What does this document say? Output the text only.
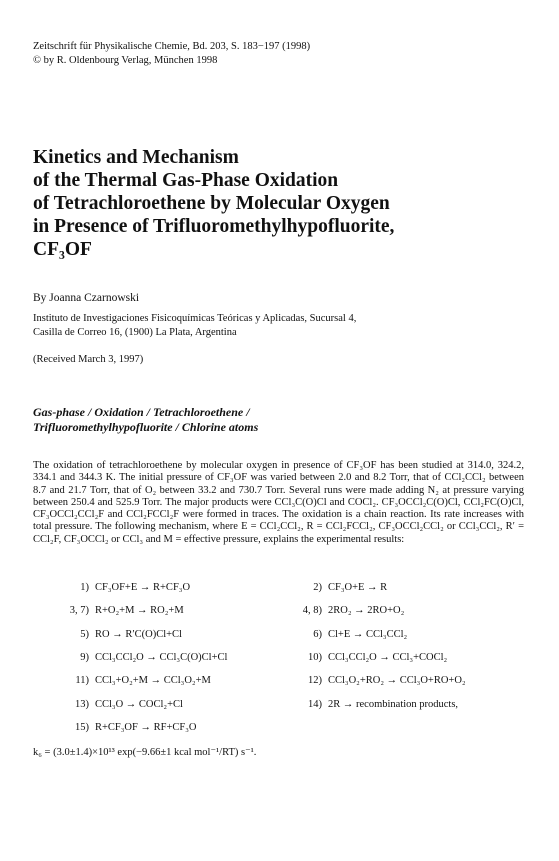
Zeitschrift für Physikalische Chemie, Bd. 203, S. 183−197 (1998)
© by R. Oldenbourg Verlag, München 1998
Kinetics and Mechanism
of the Thermal Gas-Phase Oxidation
of Tetrachloroethene by Molecular Oxygen
in Presence of Trifluoromethylhypofluorite,
CF₃OF
By Joanna Czarnowski
Instituto de Investigaciones Fisicoquímicas Teóricas y Aplicadas, Sucursal 4,
Casilla de Correo 16, (1900) La Plata, Argentina
(Received March 3, 1997)
Gas-phase / Oxidation / Tetrachloroethene /
Trifluoromethylhypofluorite / Chlorine atoms

The oxidation of tetrachloroethene by molecular oxygen in presence of CF₃OF has been studied at 314.0, 324.2, 334.1 and 344.3 K. The initial pressure of CF₃OF was varied between 2.0 and 8.2 Torr, that of CCl₂CCl₂ between 8.7 and 21.7 Torr, that of O₂ between 33.2 and 730.7 Torr. Several runs were made adding N₂ at pressure varying between 250.4 and 525.9 Torr. The major products were CCl₃C(O)Cl and COCl₂. CF₃OCCl₂C(O)Cl, CCl₂FC(O)Cl, CF₃OCCl₂CCl₂F and CCl₂FCCl₂F were formed in traces. The oxidation is a chain reaction. Its rate increases with total pressure. The following mechanism, where E = CCl₂CCl₂, R = CCl₂FCCl₂, CF₃OCCl₂CCl₂ or CCl₃CCl₂, R′ = CCl₂F, CF₃OCCl₂ or CCl₃ and M = effective pressure, explains the experimental results:

1) CF₃OF+E → R+CF₃O	2) CF₃O+E → R
3, 7) R+O₂+M → RO₂+M	4, 8) 2RO₂ → 2RO+O₂
5) RO → R′C(O)Cl+Cl	6) Cl+E → CCl₃CCl₂
9) CCl₃CCl₂O → CCl₃C(O)Cl+Cl	10) CCl₃CCl₂O → CCl₃+COCl₂
11) CCl₃+O₂+M → CCl₃O₂+M	12) CCl₃O₂+RO₂ → CCl₃O+RO+O₂
13) CCl₃O → COCl₂+Cl	14) 2R → recombination products,
15) R+CF₃OF → RF+CF₃O
k₆ = (3.0±1.4)×10¹³ exp(−9.66±1 kcal mol⁻¹/RT) s⁻¹.
